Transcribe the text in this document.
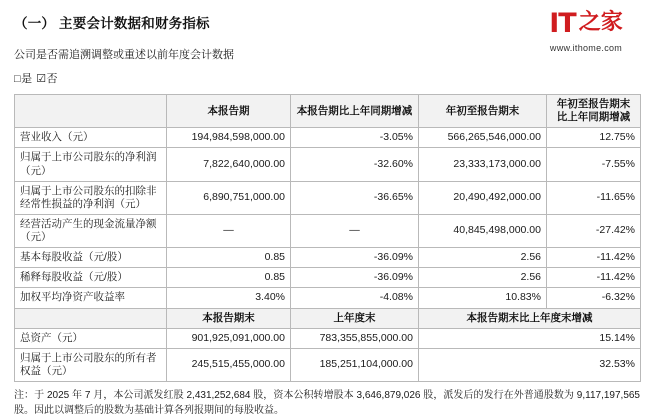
IT 之家
www.ithome.com
（一） 主要会计数据和财务指标
公司是否需追溯调整或重述以前年度会计数据
□是 ☑否
	本报告期	本报告期比上年同期增减	年初至报告期末	年初至报告期末比上年同期增减
营业收入（元）	194,984,598,000.00	-3.05%	566,265,546,000.00	12.75%
归属于上市公司股东的净利润（元）	7,822,640,000.00	-32.60%	23,333,173,000.00	-7.55%
归属于上市公司股东的扣除非经常性损益的净利润（元）	6,890,751,000.00	-36.65%	20,490,492,000.00	-11.65%
经营活动产生的现金流量净额（元）	—	—	40,845,498,000.00	-27.42%
基本每股收益（元/股）	0.85	-36.09%	2.56	-11.42%
稀释每股收益（元/股）	0.85	-36.09%	2.56	-11.42%
加权平均净资产收益率	3.40%	-4.08%	10.83%	-6.32%
	本报告期末	上年度末	本报告期末比上年度末增减	
总资产（元）	901,925,091,000.00	783,355,855,000.00	15.14%	
归属于上市公司股东的所有者权益（元）	245,515,455,000.00	185,251,104,000.00	32.53%	
注：于 2025 年 7 月，本公司派发红股 2,431,252,684 股，资本公积转增股本 3,646,879,026 股，派发后的发行在外普通股数为 9,117,197,565 股。因此以调整后的股数为基础计算各列报期间的每股收益。
